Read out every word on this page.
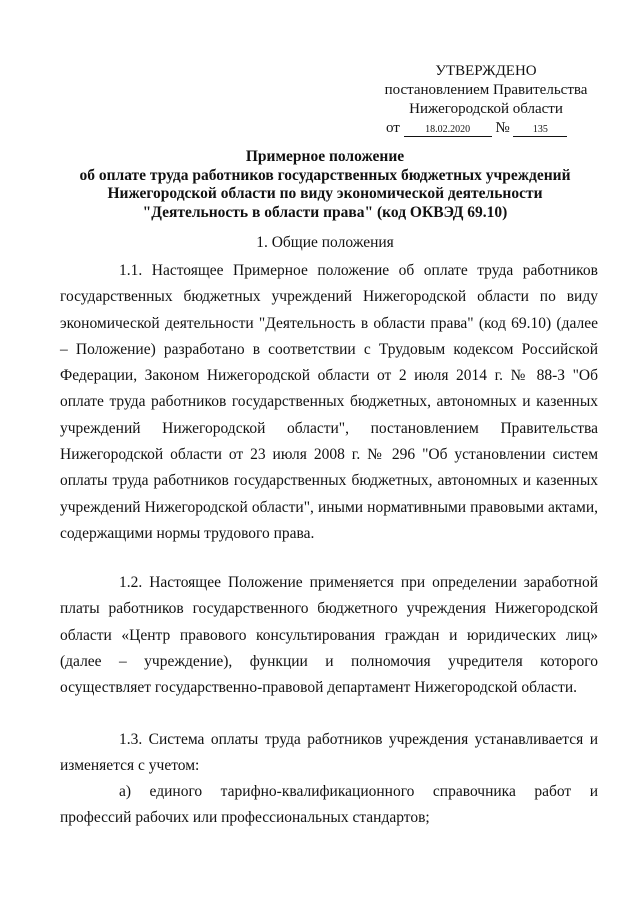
УТВЕРЖДЕНО
постановлением Правительства
Нижегородской области
от	18.02.2020 № 135
Примерное положение
об оплате труда работников государственных бюджетных учреждений
Нижегородской области по виду экономической деятельности
"Деятельность в области права" (код ОКВЭД 69.10)
1. Общие положения
1.1. Настоящее Примерное положение об оплате труда работников государственных бюджетных учреждений Нижегородской области по виду экономической деятельности "Деятельность в области права" (код 69.10) (далее – Положение) разработано в соответствии с Трудовым кодексом Российской Федерации, Законом Нижегородской области от 2 июля 2014 г. № 88-З "Об оплате труда работников государственных бюджетных, автономных и казенных учреждений Нижегородской области", постановлением Правительства Нижегородской области от 23 июля 2008 г. № 296 "Об установлении систем оплаты труда работников государственных бюджетных, автономных и казенных учреждений Нижегородской области", иными нормативными правовыми актами, содержащими нормы трудового права.
1.2. Настоящее Положение применяется при определении заработной платы работников государственного бюджетного учреждения Нижегородской области «Центр правового консультирования граждан и юридических лиц» (далее – учреждение), функции и полномочия учредителя которого осуществляет государственно-правовой департамент Нижегородской области.
1.3. Система оплаты труда работников учреждения устанавливается и изменяется с учетом:
а) единого тарифно-квалификационного справочника работ и профессий рабочих или профессиональных стандартов;
